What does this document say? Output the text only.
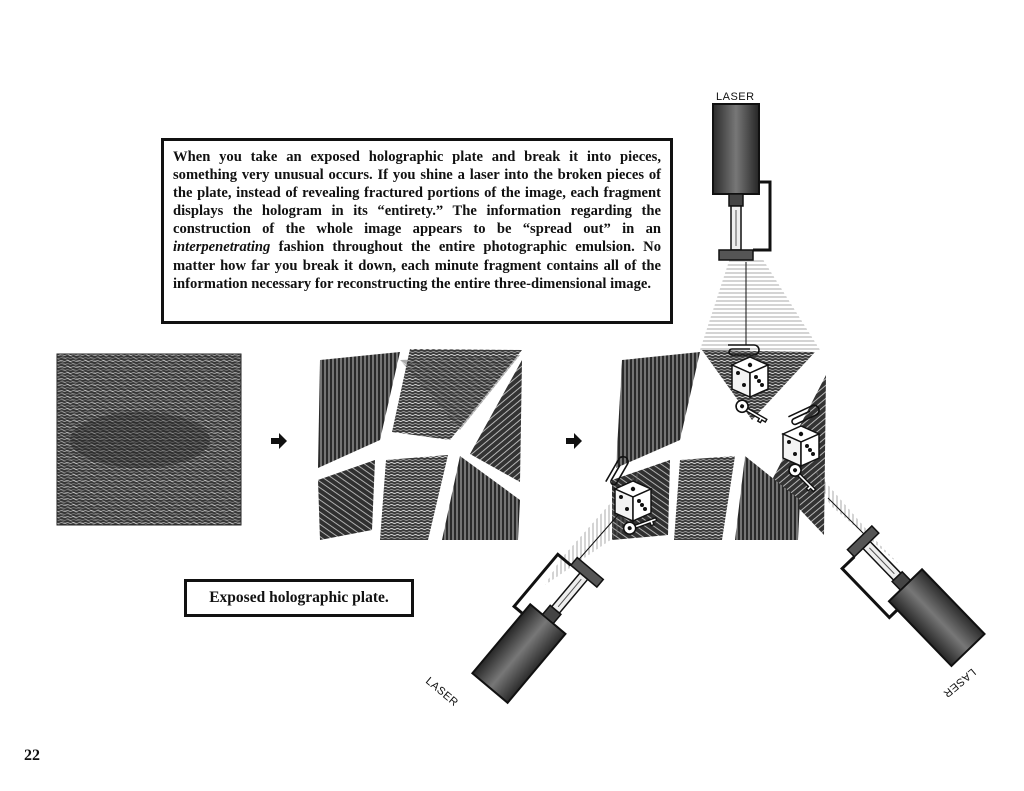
LASER
LASER	LASER
When you take an exposed holographic plate and break it into pieces, something very unusual occurs. If you shine a laser into the broken pieces of the plate, instead of revealing fractured portions of the image, each fragment displays the hologram in its “entirety.” The information regarding the construction of the whole image appears to be “spread out” in an interpenetrating fashion throughout the entire photographic emulsion. No matter how far you break it down, each minute fragment contains all of the information necessary for reconstructing the entire three-dimensional image.
Exposed holographic plate.
22
